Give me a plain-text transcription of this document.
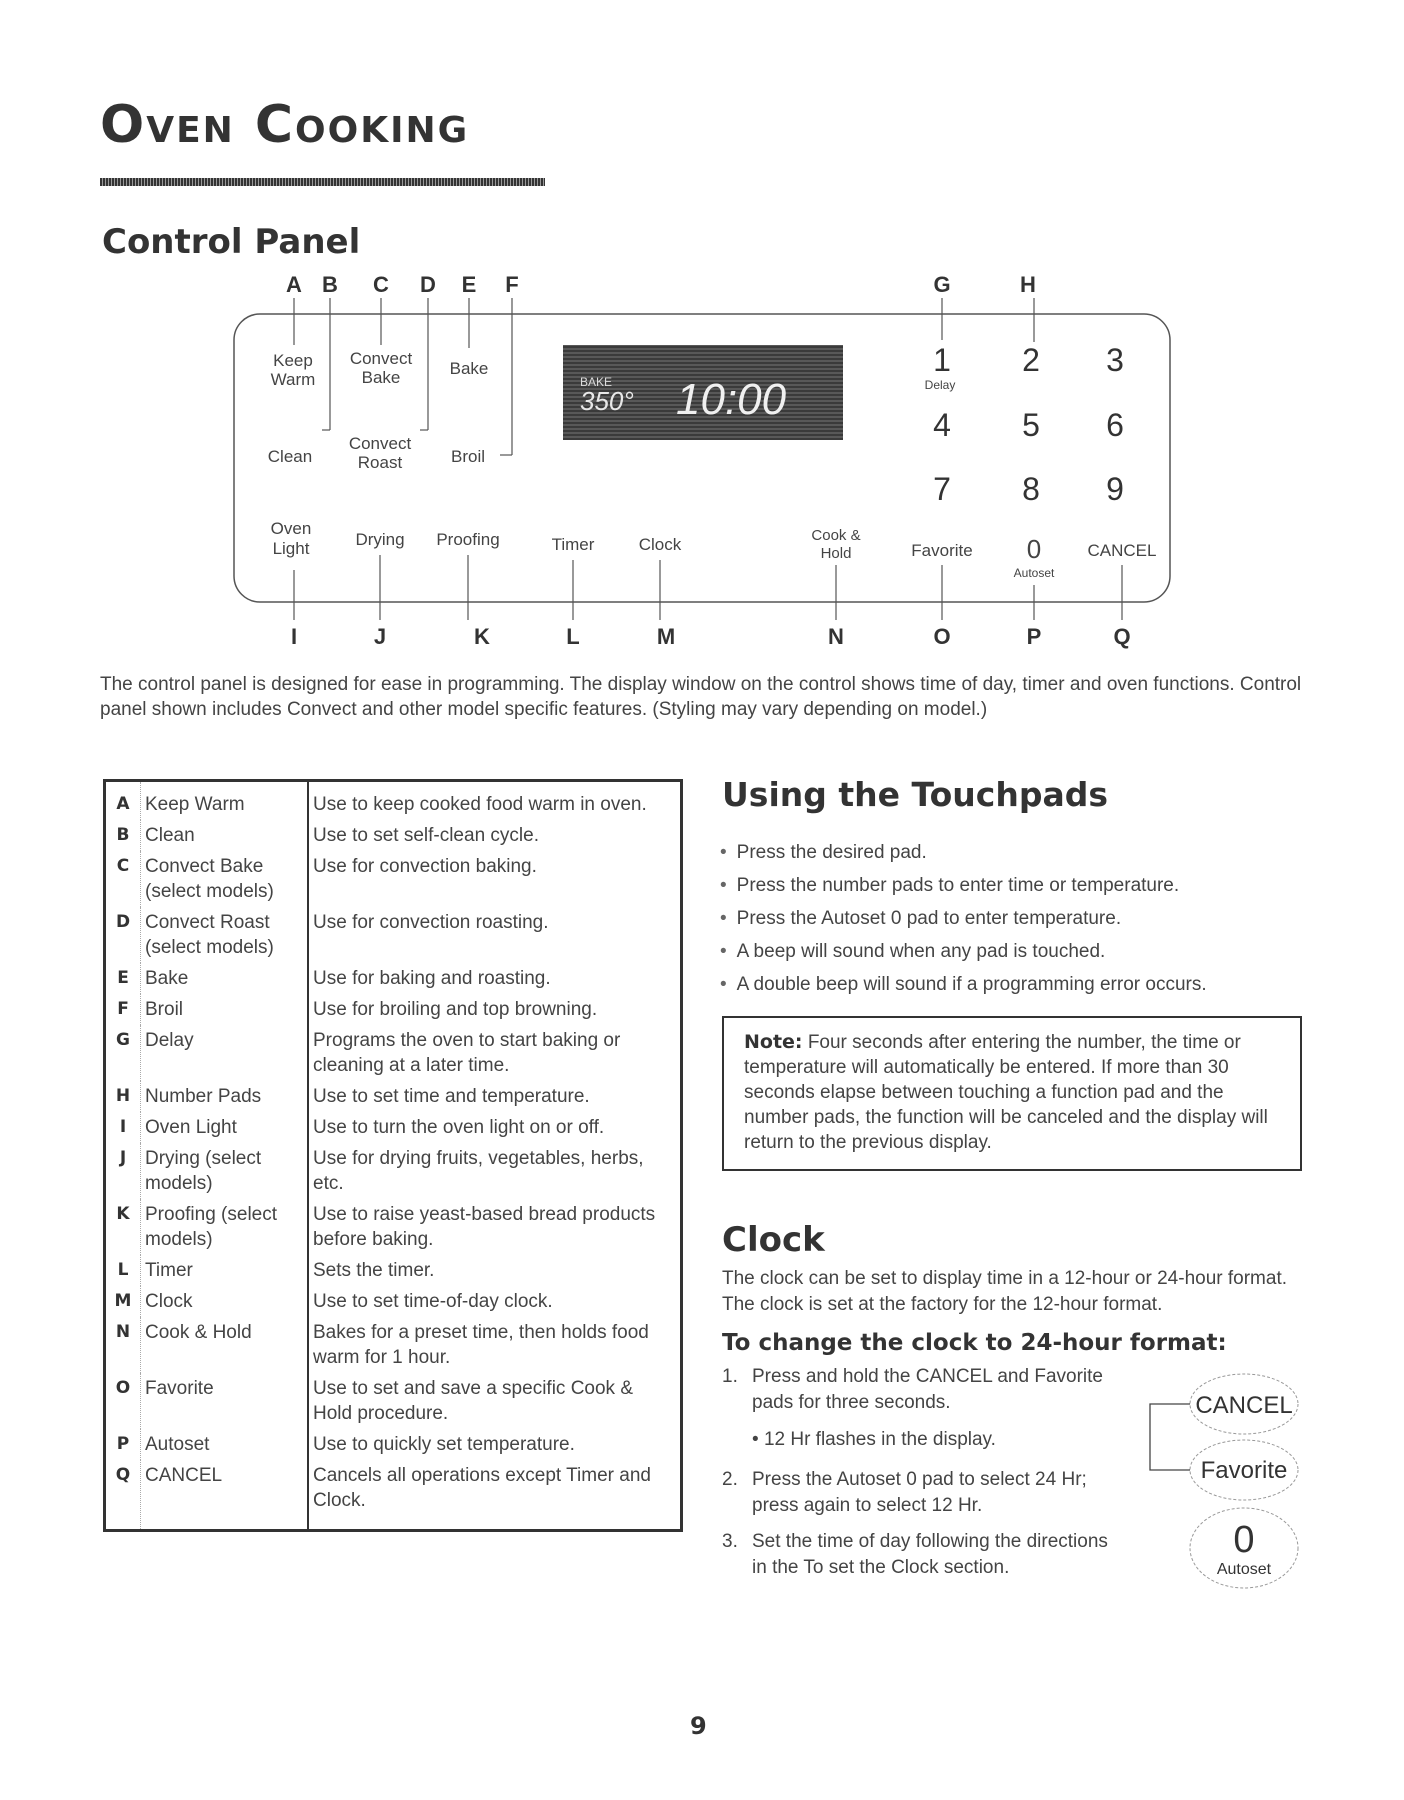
Oven Cooking
Control Panel
A B C D E F	G	H
Keep
Warm
Convect
Bake	Bake
Clean
Convect
Roast	Broil
Oven
Light	Drying Proofing	Timer	Clock	Cook &
Hold	Favorite 0
Autoset
CANCEL
BAKE
350° 10:00
1 2 3
4 5 6
7 8 9
Delay
I	J	K	L	M	N	O	P	Q
The control panel is designed for ease in programming. The display window on the control shows time of day, timer and oven functions. Control panel shown includes Convect and other model specific features. (Styling may vary depending on model.)
A	Keep Warm	Use to keep cooked food warm in oven.
B	Clean	Use to set self-clean cycle.
C	Convect Bake (select models)	Use for convection baking.
D	Convect Roast (select models)	Use for convection roasting.
E	Bake	Use for baking and roasting.
F	Broil	Use for broiling and top browning.
G	Delay	Programs the oven to start baking or cleaning at a later time.
H	Number Pads	Use to set time and temperature.
I	Oven Light	Use to turn the oven light on or off.
J	Drying (select models)	Use for drying fruits, vegetables, herbs, etc.
K	Proofing (select models)	Use to raise yeast-based bread products before baking.
L	Timer	Sets the timer.
M	Clock	Use to set time-of-day clock.
N	Cook & Hold	Bakes for a preset time, then holds food warm for 1 hour.
O	Favorite	Use to set and save a specific Cook & Hold procedure.
P	Autoset	Use to quickly set temperature.
Q	CANCEL	Cancels all operations except Timer and Clock.
Using the Touchpads
• Press the desired pad.
• Press the number pads to enter time or temperature.
• Press the Autoset 0 pad to enter temperature.
• A beep will sound when any pad is touched.
• A double beep will sound if a programming error occurs.
Note: Four seconds after entering the number, the time or temperature will automatically be entered. If more than 30 seconds elapse between touching a function pad and the number pads, the function will be canceled and the display will return to the previous display.
Clock
The clock can be set to display time in a 12-hour or 24-hour format. The clock is set at the factory for the 12-hour format.
To change the clock to 24-hour format:
1. Press and hold the CANCEL and Favorite
pads for three seconds.
• 12 Hr flashes in the display.
2. Press the Autoset 0 pad to select 24 Hr;
press again to select 12 Hr.
3. Set the time of day following the directions
in the To set the Clock section.
CANCEL
Favorite
0
Autoset
9
